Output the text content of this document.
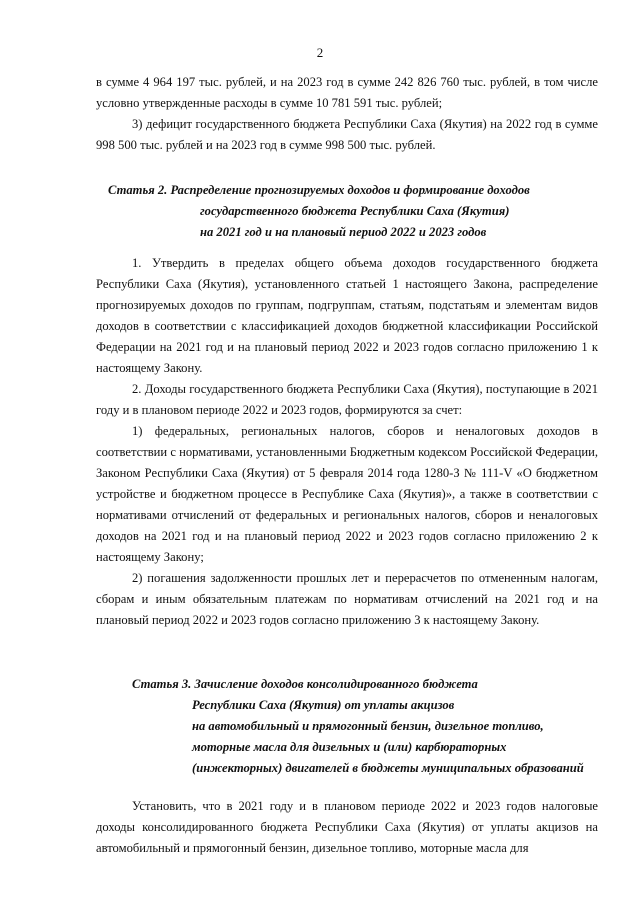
2

в сумме 4 964 197 тыс. рублей, и на 2023 год в сумме 242 826 760 тыс. рублей, в том числе условно утвержденные расходы в сумме 10 781 591 тыс. рублей;

3) дефицит государственного бюджета Республики Саха (Якутия) на 2022 год в сумме 998 500 тыс. рублей и на 2023 год в сумме 998 500 тыс. рублей.

Статья 2. Распределение прогнозируемых доходов и формирование доходов

государственного бюджета Республики Саха (Якутия)

на 2021 год и на плановый период 2022 и 2023 годов

1. Утвердить в пределах общего объема доходов государственного бюджета Республики Саха (Якутия), установленного статьей 1 настоящего Закона, распределение прогнозируемых доходов по группам, подгруппам, статьям, подстатьям и элементам видов доходов в соответствии с классификацией доходов бюджетной классификации Российской Федерации на 2021 год и на плановый период 2022 и 2023 годов согласно приложению 1 к настоящему Закону.

2. Доходы государственного бюджета Республики Саха (Якутия), поступающие в 2021 году и в плановом периоде 2022 и 2023 годов, формируются за счет:

1) федеральных, региональных налогов, сборов и неналоговых доходов в соответствии с нормативами, установленными Бюджетным кодексом Российской Федерации, Законом Республики Саха (Якутия) от 5 февраля 2014 года 1280-З № 111-V «О бюджетном устройстве и бюджетном процессе в Республике Саха (Якутия)», а также в соответствии с нормативами отчислений от федеральных и региональных налогов, сборов и неналоговых доходов на 2021 год и на плановый период 2022 и 2023 годов согласно приложению 2 к настоящему Закону;

2) погашения задолженности прошлых лет и перерасчетов по отмененным налогам, сборам и иным обязательным платежам по нормативам отчислений на 2021 год и на плановый период 2022 и 2023 годов согласно приложению 3 к настоящему Закону.

Статья 3. Зачисление доходов консолидированного бюджета

Республики Саха (Якутия) от уплаты акцизов

на автомобильный и прямогонный бензин, дизельное топливо,

моторные масла для дизельных и (или) карбюраторных

(инжекторных) двигателей в бюджеты муниципальных образований

Установить, что в 2021 году и в плановом периоде 2022 и 2023 годов налоговые доходы консолидированного бюджета Республики Саха (Якутия) от уплаты акцизов на автомобильный и прямогонный бензин, дизельное топливо, моторные масла для
